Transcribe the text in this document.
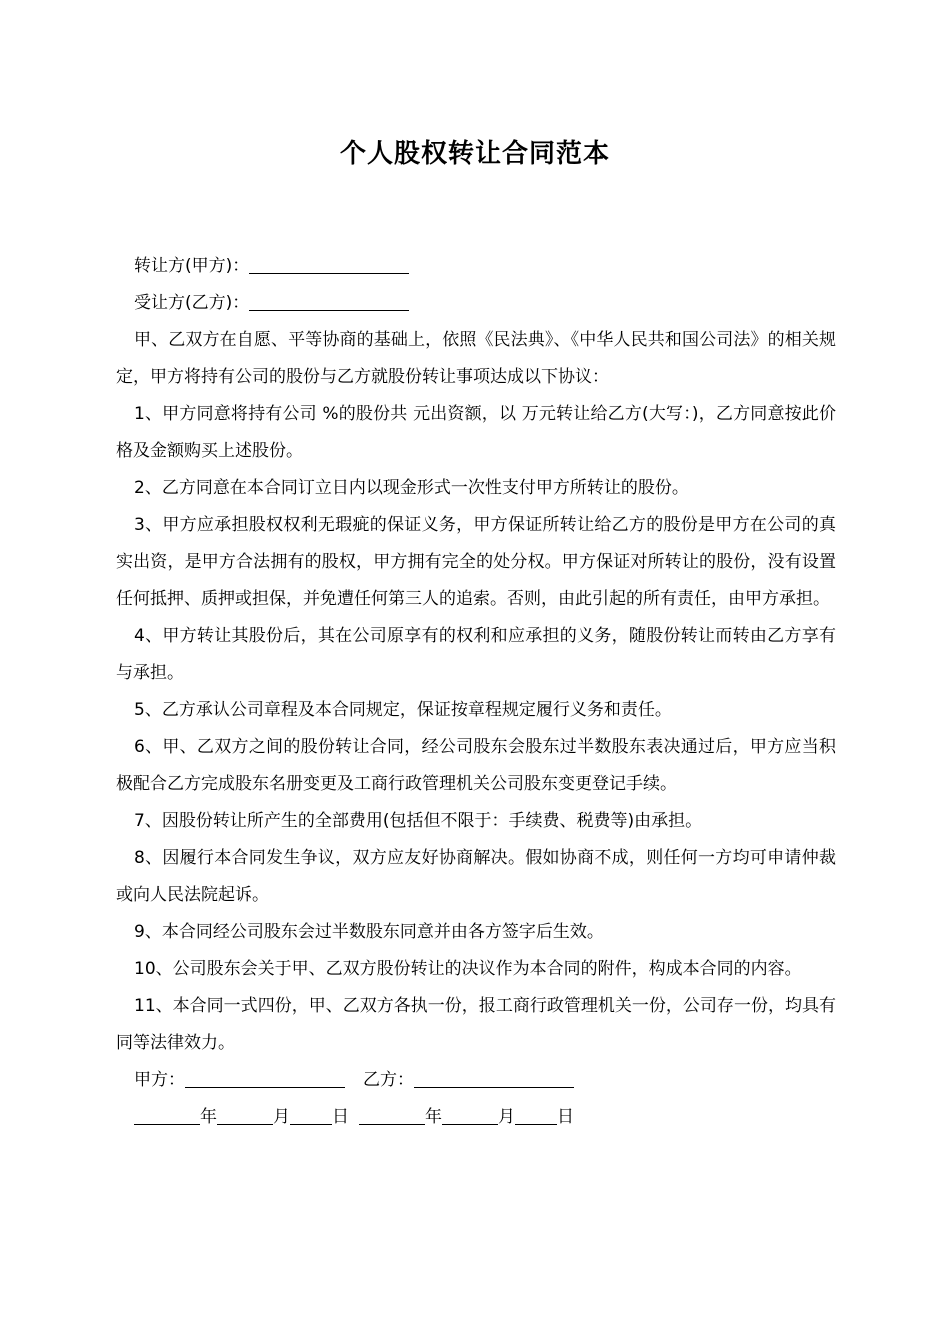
个人股权转让合同范本

转让方(甲方)：

受让方(乙方)：

甲、乙双方在自愿、平等协商的基础上，依照《民法典》、《中华人民共和国公司法》的相关规定，甲方将持有公司的股份与乙方就股份转让事项达成以下协议：

1、甲方同意将持有公司 %的股份共 元出资额，以 万元转让给乙方(大写：)，乙方同意按此价格及金额购买上述股份。

2、乙方同意在本合同订立日内以现金形式一次性支付甲方所转让的股份。

3、甲方应承担股权权利无瑕疵的保证义务，甲方保证所转让给乙方的股份是甲方在公司的真实出资，是甲方合法拥有的股权，甲方拥有完全的处分权。甲方保证对所转让的股份，没有设置任何抵押、质押或担保，并免遭任何第三人的追索。否则，由此引起的所有责任，由甲方承担。

4、甲方转让其股份后，其在公司原享有的权利和应承担的义务，随股份转让而转由乙方享有与承担。

5、乙方承认公司章程及本合同规定，保证按章程规定履行义务和责任。

6、甲、乙双方之间的股份转让合同，经公司股东会股东过半数股东表决通过后，甲方应当积极配合乙方完成股东名册变更及工商行政管理机关公司股东变更登记手续。

7、因股份转让所产生的全部费用(包括但不限于：手续费、税费等)由承担。

8、因履行本合同发生争议，双方应友好协商解决。假如协商不成，则任何一方均可申请仲裁或向人民法院起诉。

9、本合同经公司股东会过半数股东同意并由各方签字后生效。

10、公司股东会关于甲、乙双方股份转让的决议作为本合同的附件，构成本合同的内容。

11、本合同一式四份，甲、乙双方各执一份，报工商行政管理机关一份，公司存一份，均具有同等法律效力。

甲方：	乙方：

年	月 日	年	月 日
